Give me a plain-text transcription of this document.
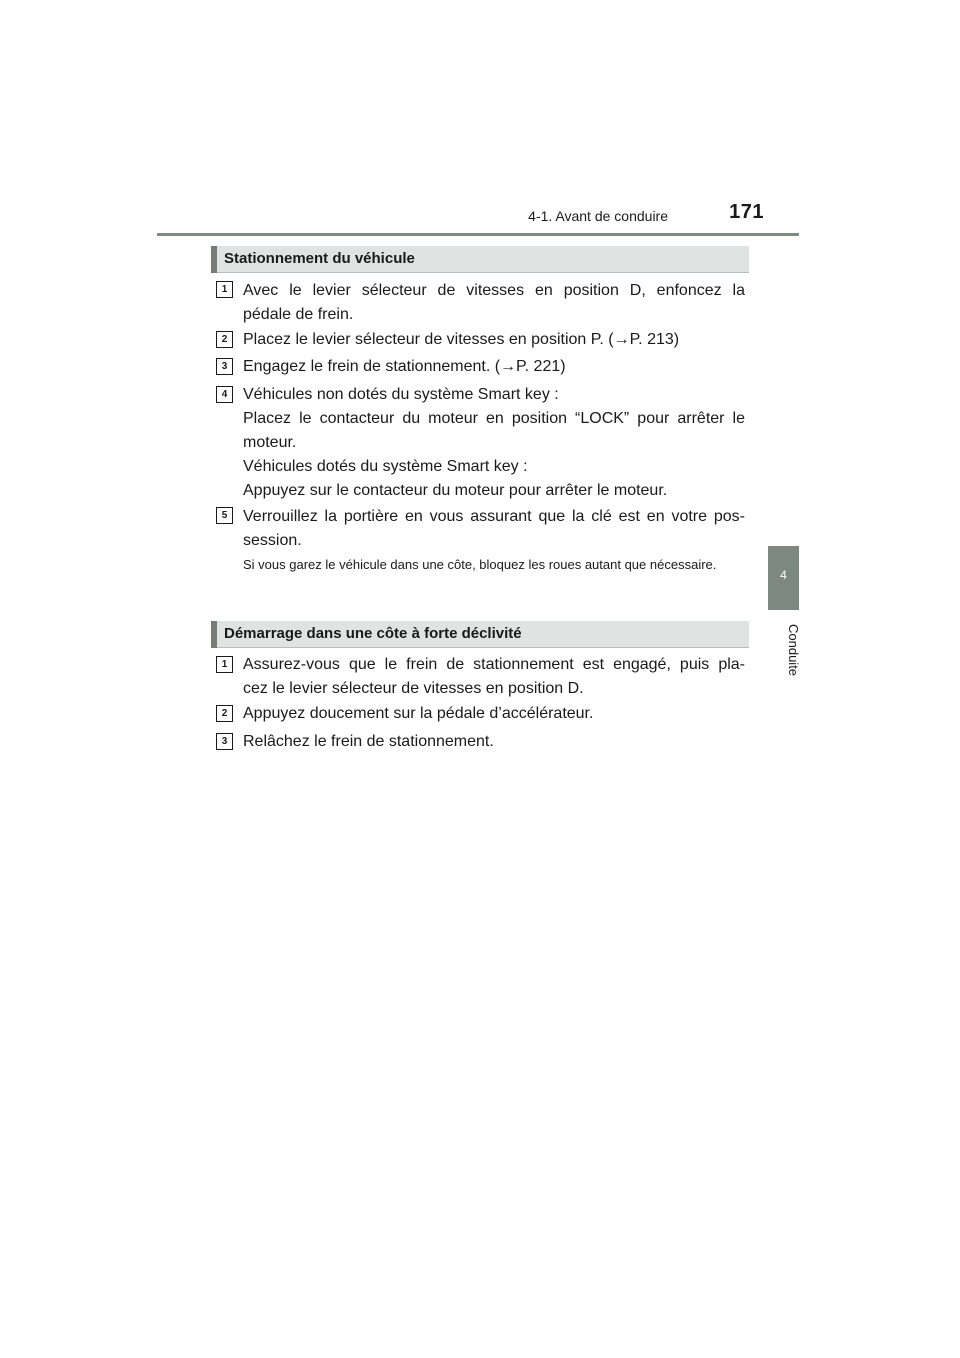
4-1. Avant de conduire	171
4
Conduite
Stationnement du véhicule
1 Avec le levier sélecteur de vitesses en position D, enfoncez la
pédale de frein.
2 Placez le levier sélecteur de vitesses en position P. (→P. 213)
3 Engagez le frein de stationnement. (→P. 221)
4 Véhicules non dotés du système Smart key :
Placez le contacteur du moteur en position “LOCK” pour arrêter le
moteur.
Véhicules dotés du système Smart key :
Appuyez sur le contacteur du moteur pour arrêter le moteur.
5 Verrouillez la portière en vous assurant que la clé est en votre pos-
session.
Si vous garez le véhicule dans une côte, bloquez les roues autant que nécessaire.
Démarrage dans une côte à forte déclivité
1 Assurez-vous que le frein de stationnement est engagé, puis pla-
cez le levier sélecteur de vitesses en position D.
2 Appuyez doucement sur la pédale d’accélérateur.
3 Relâchez le frein de stationnement.
